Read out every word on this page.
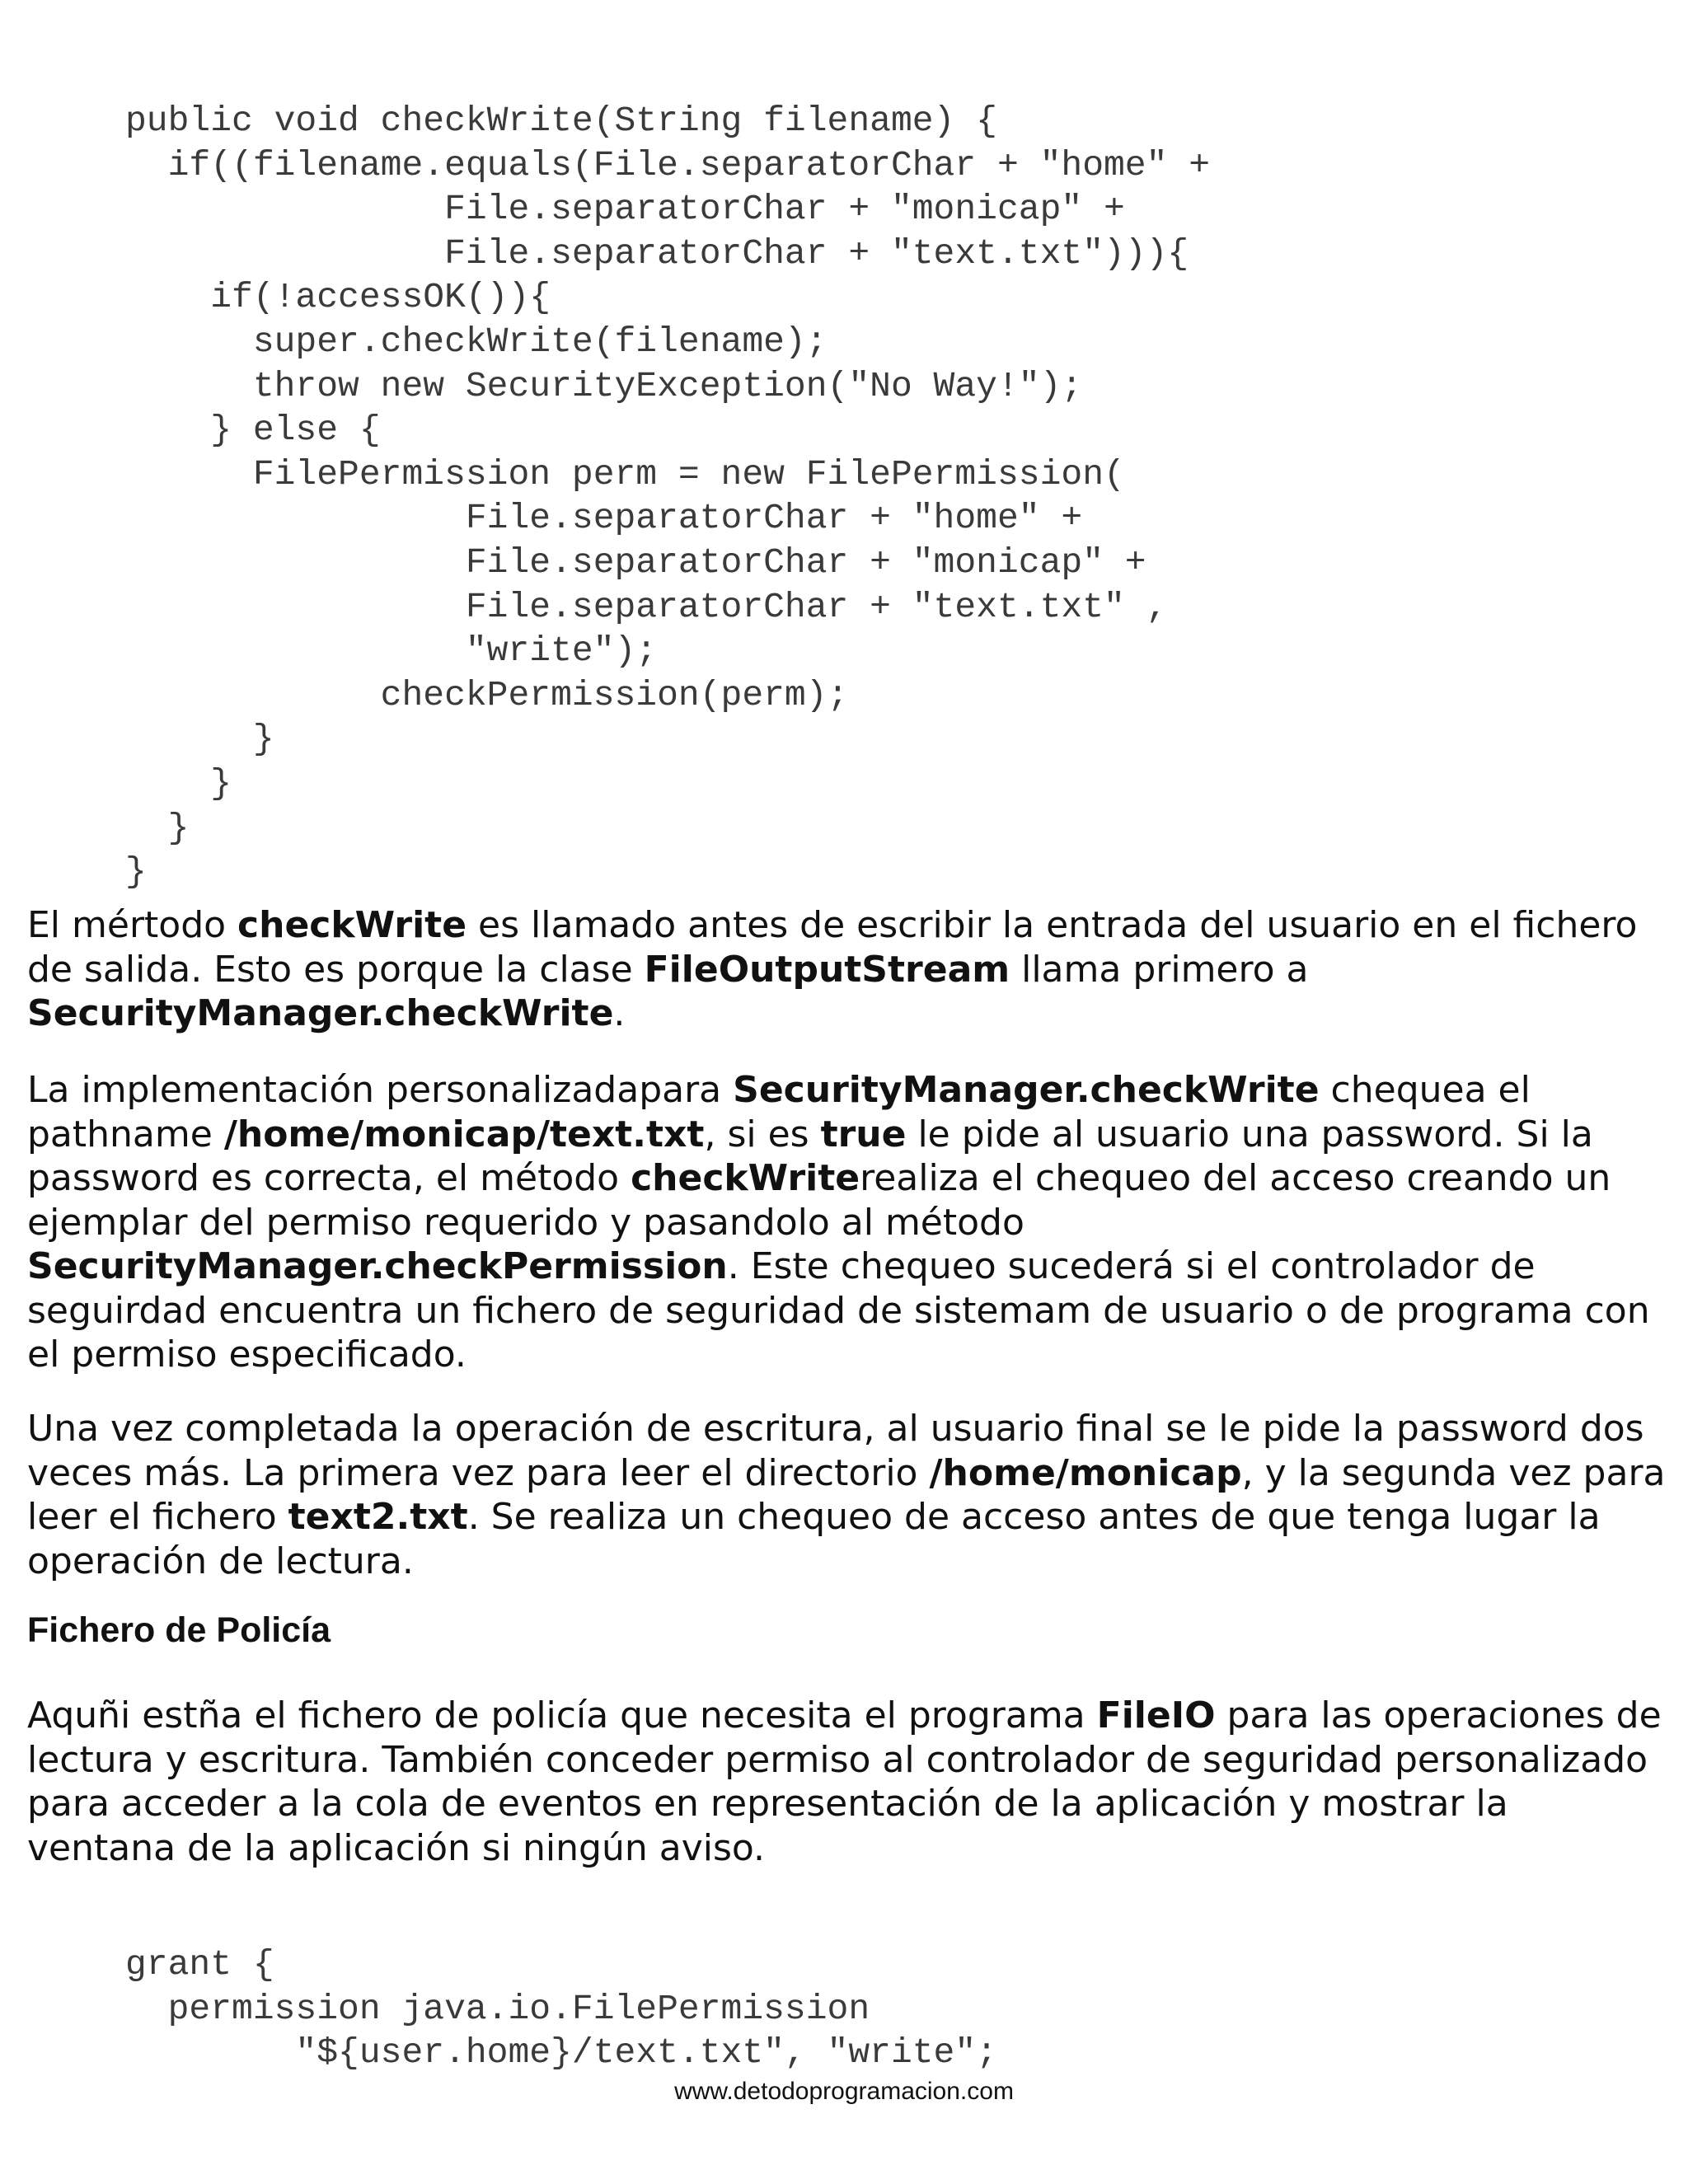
public void checkWrite(String filename) {
if((filename.equals(File.separatorChar + "home" +
File.separatorChar + "monicap" +
File.separatorChar + "text.txt"))){
if(!accessOK()){
super.checkWrite(filename);
throw new SecurityException("No Way!");
} else {
FilePermission perm = new FilePermission(
File.separatorChar + "home" +
File.separatorChar + "monicap" +
File.separatorChar + "text.txt" ,
"write");
checkPermission(perm);
}
}
}
}

El mértodo checkWrite es llamado antes de escribir la entrada del usuario en el fichero de salida. Esto es porque la clase FileOutputStream llama primero a SecurityManager.checkWrite.

La implementación personalizadapara SecurityManager.checkWrite chequea el pathname /home/monicap/text.txt, si es true le pide al usuario una password. Si la password es correcta, el método checkWriterealiza el chequeo del acceso creando un ejemplar del permiso requerido y pasandolo al método SecurityManager.checkPermission. Este chequeo sucederá si el controlador de seguirdad encuentra un fichero de seguridad de sistemam de usuario o de programa con el permiso especificado.

Una vez completada la operación de escritura, al usuario final se le pide la password dos veces más. La primera vez para leer el directorio /home/monicap, y la segunda vez para leer el fichero text2.txt. Se realiza un chequeo de acceso antes de que tenga lugar la operación de lectura.

Fichero de Policía

Aquñi estña el fichero de policía que necesita el programa FileIO para las operaciones de lectura y escritura. También conceder permiso al controlador de seguridad personalizado para acceder a la cola de eventos en representación de la aplicación y mostrar la ventana de la aplicación si ningún aviso.

grant {
permission java.io.FilePermission
"${user.home}/text.txt", "write";
www.detodoprogramacion.com
